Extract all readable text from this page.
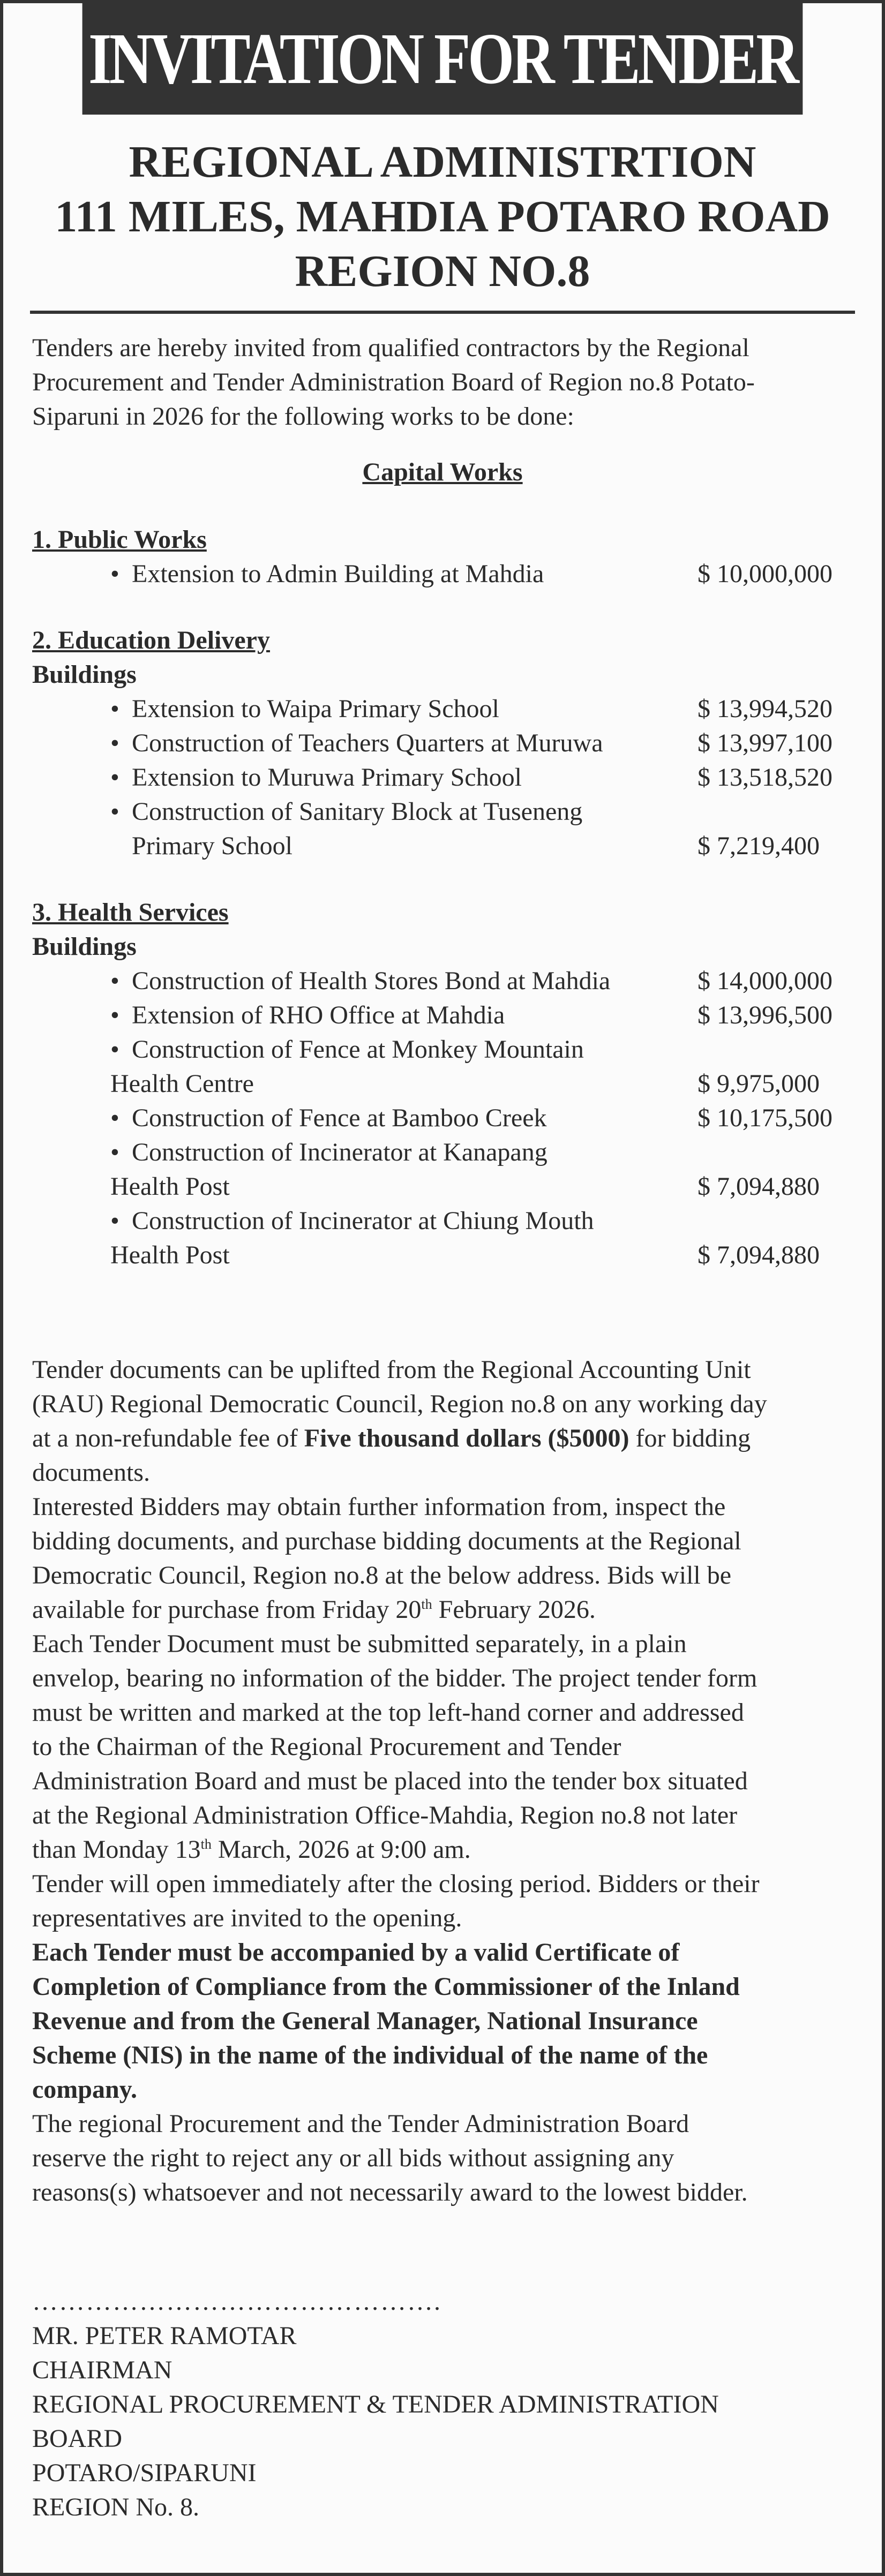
INVITATION FOR TENDER
REGIONAL ADMINISTRTION
111 MILES, MAHDIA POTARO ROAD
REGION NO.8
Tenders are hereby invited from qualified contractors by the Regional
Procurement and Tender Administration Board of Region no.8 Potato-
Siparuni in 2026 for the following works to be done:
Capital Works
1. Public Works
• Extension to Admin Building at Mahdia	$ 10,000,000
2. Education Delivery
Buildings
• Extension to Waipa Primary School	$ 13,994,520
• Construction of Teachers Quarters at Muruwa	$ 13,997,100
• Extension to Muruwa Primary School	$ 13,518,520
• Construction of Sanitary Block at Tuseneng
Primary School	$ 7,219,400
3. Health Services
Buildings
• Construction of Health Stores Bond at Mahdia	$ 14,000,000
• Extension of RHO Office at Mahdia	$ 13,996,500
• Construction of Fence at Monkey Mountain
Health Centre	$ 9,975,000
• Construction of Fence at Bamboo Creek	$ 10,175,500
• Construction of Incinerator at Kanapang
Health Post	$ 7,094,880
• Construction of Incinerator at Chiung Mouth
Health Post	$ 7,094,880
Tender documents can be uplifted from the Regional Accounting Unit
(RAU) Regional Democratic Council, Region no.8 on any working day
at a non-refundable fee of Five thousand dollars ($5000) for bidding
documents.
Interested Bidders may obtain further information from, inspect the
bidding documents, and purchase bidding documents at the Regional
Democratic Council, Region no.8 at the below address. Bids will be
available for purchase from Friday 20th February 2026.
Each Tender Document must be submitted separately, in a plain
envelop, bearing no information of the bidder. The project tender form
must be written and marked at the top left-hand corner and addressed
to the Chairman of the Regional Procurement and Tender
Administration Board and must be placed into the tender box situated
at the Regional Administration Office-Mahdia, Region no.8 not later
than Monday 13th March, 2026 at 9:00 am.
Tender will open immediately after the closing period. Bidders or their
representatives are invited to the opening.
Each Tender must be accompanied by a valid Certificate of
Completion of Compliance from the Commissioner of the Inland
Revenue and from the General Manager, National Insurance
Scheme (NIS) in the name of the individual of the name of the
company.
The regional Procurement and the Tender Administration Board
reserve the right to reject any or all bids without assigning any
reasons(s) whatsoever and not necessarily award to the lowest bidder.
……………………………………….
MR. PETER RAMOTAR
CHAIRMAN
REGIONAL PROCUREMENT & TENDER ADMINISTRATION
BOARD
POTARO/SIPARUNI
REGION No. 8.
